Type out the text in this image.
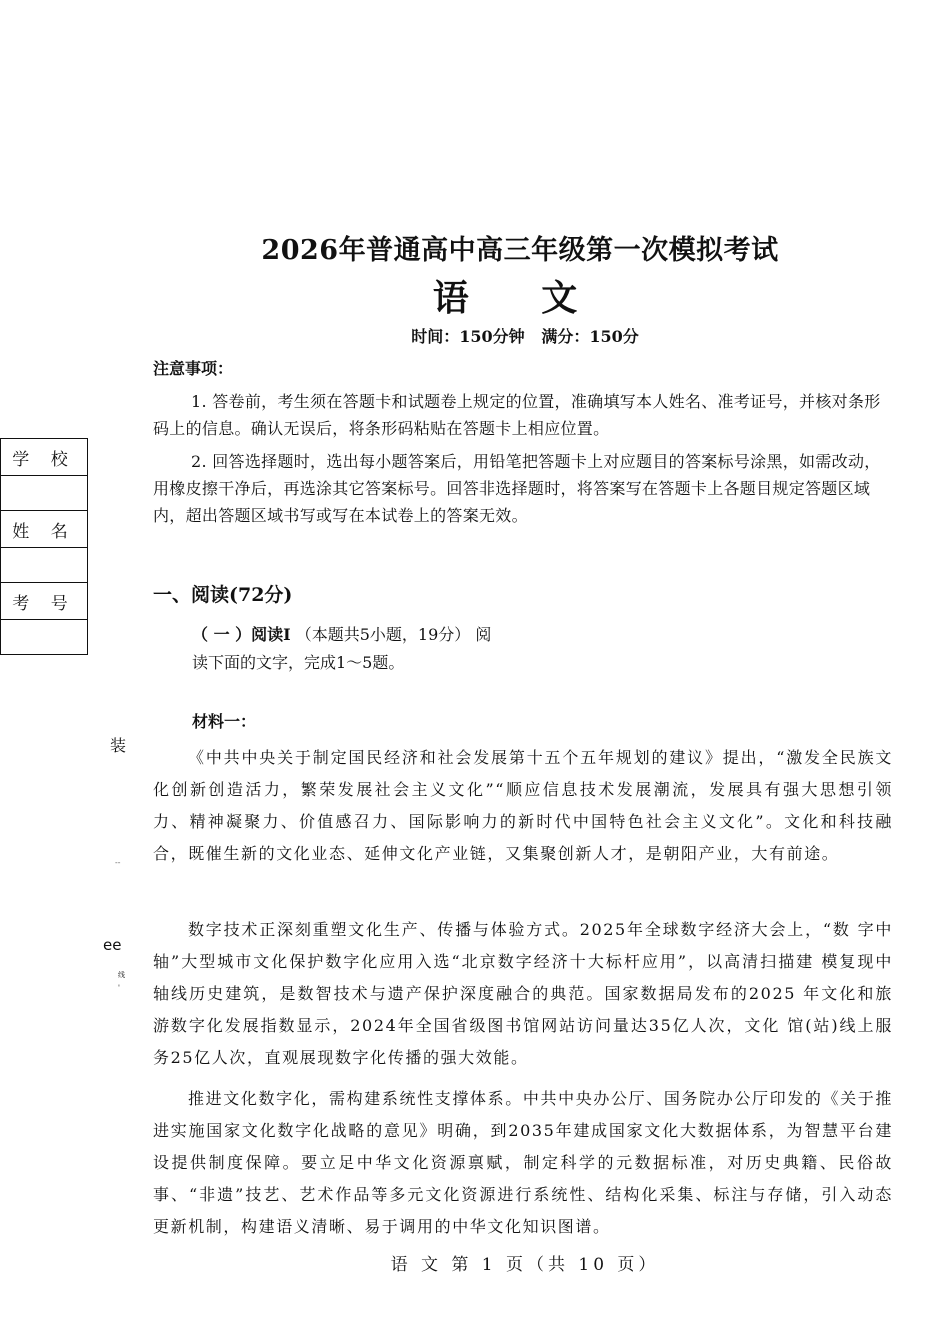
2026年普通高中高三年级第一次模拟考试
语 文
时间：150分钟   满分：150分
注意事项：
1. 答卷前，考生须在答题卡和试题卷上规定的位置，准确填写本人姓名、准考证号，并核对条形码上的信息。确认无误后，将条形码粘贴在答题卡上相应位置。
2. 回答选择题时，选出每小题答案后，用铅笔把答题卡上对应题目的答案标号涂黑，如需改动，用橡皮擦干净后，再选涂其它答案标号。回答非选择题时，将答案写在答题卡上各题目规定答题区域内，超出答题区域书写或写在本试卷上的答案无效。
学 校

姓 名

考 号

装
--
ee
线
'
一、阅读(72分)
（ 一 ）阅读Ⅰ （本题共5小题，19分） 阅读下面的文字，完成1～5题。
材料一：
《中共中央关于制定国民经济和社会发展第十五个五年规划的建议》提出，“激发全民族文化创新创造活力，繁荣发展社会主义文化”“顺应信息技术发展潮流，发展具有强大思想引领力、精神凝聚力、价值感召力、国际影响力的新时代中国特色社会主义文化”。文化和科技融合，既催生新的文化业态、延伸文化产业链，又集聚创新人才，是朝阳产业，大有前途。
数字技术正深刻重塑文化生产、传播与体验方式。2025年全球数字经济大会上，“数 字中轴”大型城市文化保护数字化应用入选“北京数字经济十大标杆应用”，以高清扫描建 模复现中轴线历史建筑，是数智技术与遗产保护深度融合的典范。国家数据局发布的2025 年文化和旅游数字化发展指数显示，2024年全国省级图书馆网站访问量达35亿人次，文化 馆(站)线上服务25亿人次，直观展现数字化传播的强大效能。
推进文化数字化，需构建系统性支撑体系。中共中央办公厅、国务院办公厅印发的《关于推进实施国家文化数字化战略的意见》明确，到2035年建成国家文化大数据体系，为智慧平台建设提供制度保障。要立足中华文化资源禀赋，制定科学的元数据标准，对历史典籍、民俗故事、“非遗”技艺、艺术作品等多元文化资源进行系统性、结构化采集、标注与存储，引入动态更新机制，构建语义清晰、易于调用的中华文化知识图谱。
语 文 第 1 页（共 10 页）
